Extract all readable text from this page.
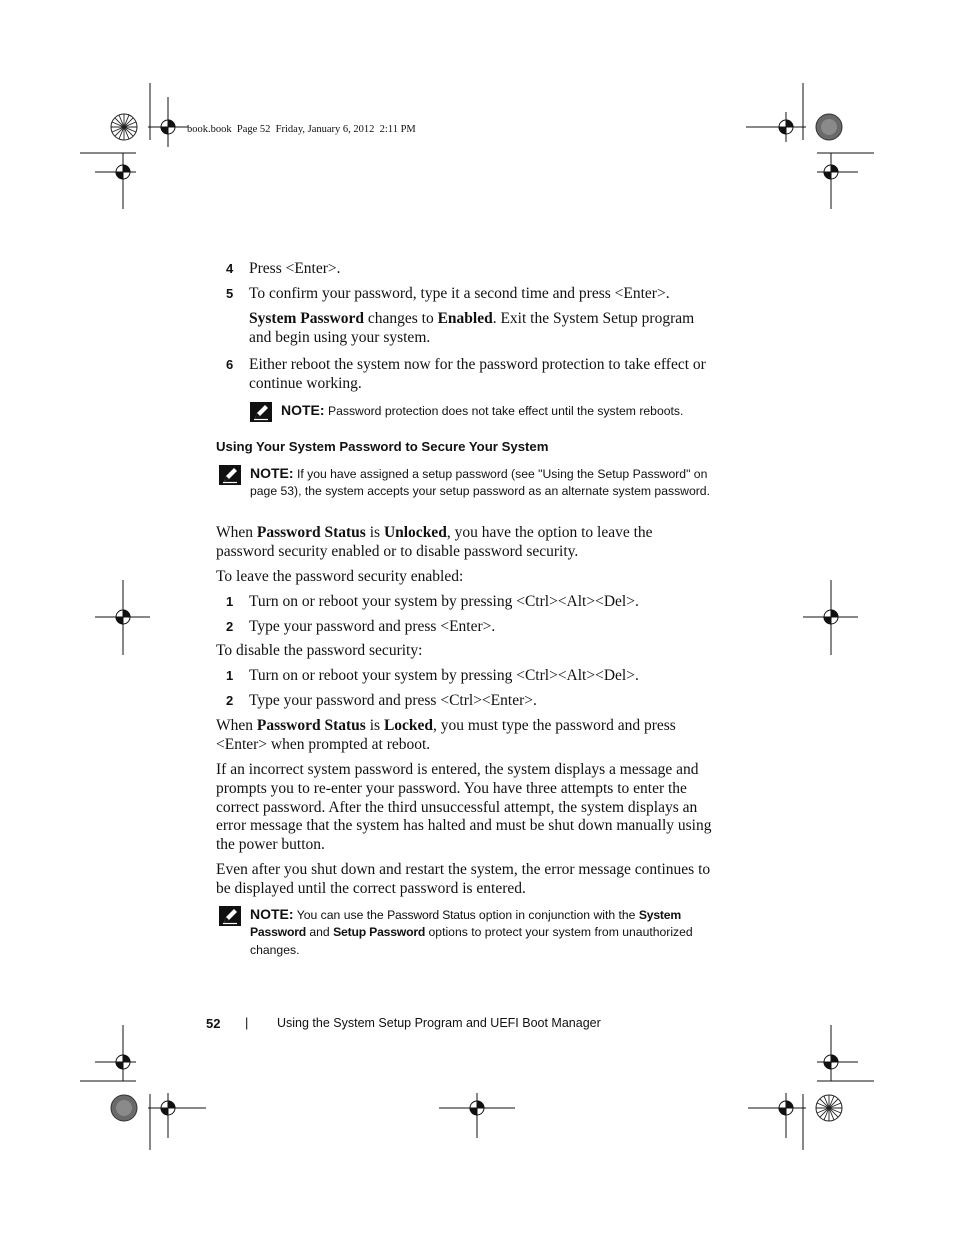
book.book  Page 52  Friday, January 6, 2012  2:11 PM
4 Press <Enter>.
5 To confirm your password, type it a second time and press <Enter>.
System Password changes to Enabled. Exit the System Setup program and begin using your system.
6 Either reboot the system now for the password protection to take effect or continue working.
NOTE: Password protection does not take effect until the system reboots.
Using Your System Password to Secure Your System
NOTE: If you have assigned a setup password (see "Using the Setup Password" on page 53), the system accepts your setup password as an alternate system password.
When Password Status is Unlocked, you have the option to leave the password security enabled or to disable password security.
To leave the password security enabled:
1 Turn on or reboot your system by pressing <Ctrl><Alt><Del>.
2 Type your password and press <Enter>.
To disable the password security:
1 Turn on or reboot your system by pressing <Ctrl><Alt><Del>.
2 Type your password and press <Ctrl><Enter>.
When Password Status is Locked, you must type the password and press <Enter> when prompted at reboot.
If an incorrect system password is entered, the system displays a message and prompts you to re-enter your password. You have three attempts to enter the correct password. After the third unsuccessful attempt, the system displays an error message that the system has halted and must be shut down manually using the power button.
Even after you shut down and restart the system, the error message continues to be displayed until the correct password is entered.
NOTE: You can use the Password Status option in conjunction with the System Password and Setup Password options to protect your system from unauthorized changes.
52 | Using the System Setup Program and UEFI Boot Manager
